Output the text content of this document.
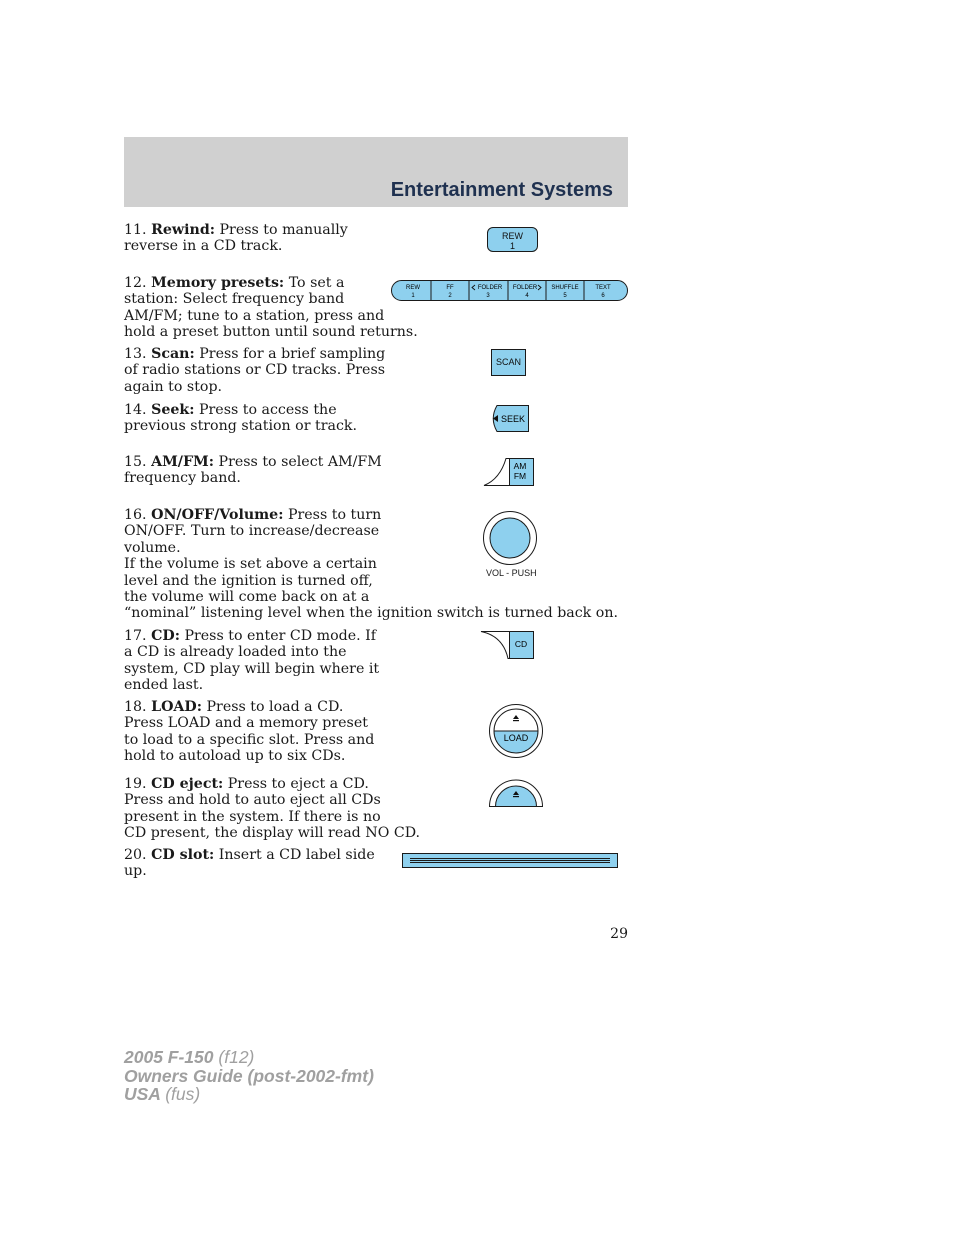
Entertainment Systems
11. Rewind: Press to manually
reverse in a CD track.
12. Memory presets: To set a
station: Select frequency band
AM/FM; tune to a station, press and
hold a preset button until sound returns.
13. Scan: Press for a brief sampling
of radio stations or CD tracks. Press
again to stop.
14. Seek: Press to access the
previous strong station or track.
15. AM/FM: Press to select AM/FM
frequency band.
16. ON/OFF/Volume: Press to turn
ON/OFF. Turn to increase/decrease
volume.
If the volume is set above a certain
level and the ignition is turned off,
the volume will come back on at a
“nominal” listening level when the ignition switch is turned back on.
17. CD: Press to enter CD mode. If
a CD is already loaded into the
system, CD play will begin where it
ended last.
18. LOAD: Press to load a CD.
Press LOAD and a memory preset
to load to a specific slot. Press and
hold to autoload up to six CDs.
19. CD eject: Press to eject a CD.
Press and hold to auto eject all CDs
present in the system. If there is no
CD present, the display will read NO CD.
20. CD slot: Insert a CD label side
up.
REW
1
REW
1
FF
2
FOLDER
3
FOLDER
4
SHUFFLE
5
TEXT
6
SCAN
SEEK
AM
FM
VOL - PUSH
CD
LOAD
29
2005 F-150 (f12)
Owners Guide (post-2002-fmt)
USA (fus)
